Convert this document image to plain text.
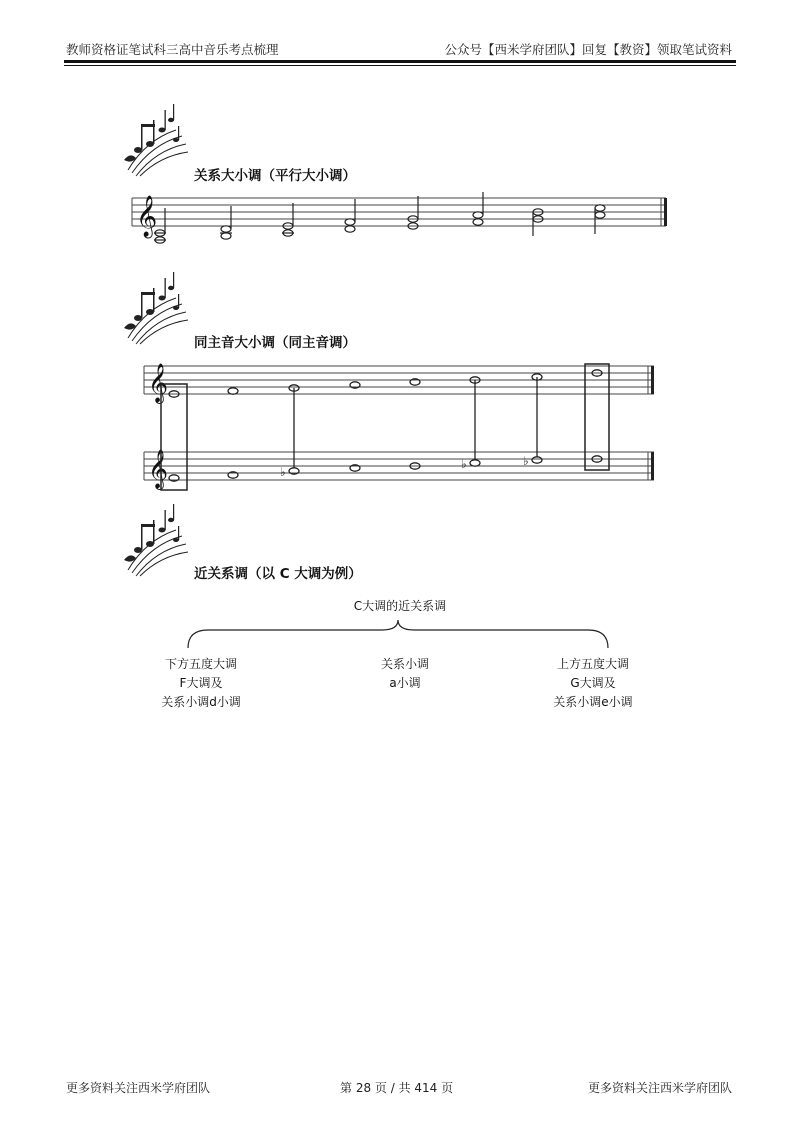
教师资格证笔试科三高中音乐考点梳理	公众号【西米学府团队】回复【教资】领取笔试资料
关系大小调（平行大小调）
𝄞
同主音大小调（同主音调）
𝄞
𝄞	♭
♭	♭
近关系调（以 C 大调为例）
C大调的近关系调
下方五度大调
F大调及
关系小调d小调
关系小调
a小调
上方五度大调
G大调及
关系小调e小调
更多资料关注西米学府团队	第 28 页 / 共 414 页	更多资料关注西米学府团队
